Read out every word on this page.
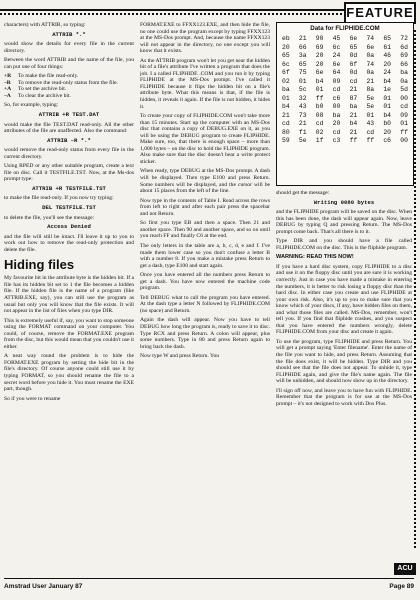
FEATURE

characters) with ATTRIB, so typing:

ATTRIB *.*

would show the details for every file in the current directory.

Between the word ATTRIB and the name of the file, you can put one of four things:

+R	To make the file read-only.
–R	To remove the read-only status from the file.
+A	To set the archive bit.
–A	To clear the archive bit.

So, for example, typing:

ATTRIB +R TEST.DAT

would make the file TEST.DAT read-only. All the other attributes of the file are unaffected. Also the command:

ATTRIB –R *.*

would remove the read-only status from every file in the current directory.

Using RPED or any other suitable program, create a text file on disc. Call it TESTFILE.TST. Now, at the Ms-dos prompt type:

ATTRIB +R TESTFILE.TST

to make the file read-only. If you now try typing:

DEL TESTFILE.TST

to delete the file, you'll see the message:

Access Denied

and the file will still be intact. I'll leave it up to you to work out how to remove the read-only protection and delete the file.

Hiding files

My favourite bit in the attribute byte is the hidden bit. If a file has its hidden bit set to 1 the file becomes a hidden file. If the hidden file is the name of a program (like ATTRIB.EXE, say), you can still use the program as usual but only you will know that the file exists. It will not appear in the list of files when you type DIR.

This is extremely useful if, say, you want to stop someone using the FORMAT command on your computer. You could, of course, remove the FORMAT.EXE program from the disc, but this would mean that you couldn't use it either.

A neat way round the problem is to hide the FORMAT.EXE program by setting the hide bit in the file's directory. Of course anyone could still use it by typing FORMAT, so you should rename the file to a secret word before you hide it. You must rename the EXE part, though.

So if you were to rename

FORMAT.EXE to FFXX123.EXE, and then hide the file, no one could use the program except by typing FFXX123 at the MS-Dos prompt. And, because the name FFXX123 will not appear in the directory, no one except you will know that it exists.

As the ATTRIB program won't let you get near the hidden bit of a file's attribute I've written a program that does the job. I a called FLIPHIDE .COM and you run it by typing FLIPHIDE at the MS-Dos prompt. I've called it FLIPHIDE because it flips the hidden bit on a file's attribute byte. What this means is that, if the file is hidden, it reveals it again. If the file is not hidden, it hides it.

To create your copy of FLIPHIDE.COM won't take more than 15 minutes. Start up the computer with an MS-Dos disc that contains a copy of DEBUG.EXE on it, as you will be using the DEBUG program to create FLIPHIDE. Make sure, too, that there is enough space – more than 1,000 bytes – on the disc to hold the FLIPHIDE program. Also make sure that the disc doesn't bear a write protect sticker.

When ready, type DEBUG at the MS-Dos prompt. A dash will be displayed. Then type E100 and press Return. Some numbers will be displayed, and the cursor will be about 15 places from the left of the line.

Now type in the contents of Table I. Read across the rows from left to right and after each pair press the spacebar and not Return.

So first you type EB and then a space. Then 21 and another space. Then 90 and another space, and so on until you reach FF and finally C6 at the end.

The only letters in the table are a, b, c, d, e and f. I've made them lower case so you don't confuse a letter B with a number 8. If you make a mistake press Return to get a dash, type E100 and start again.

Once you have entered all the numbers press Return to get a dash. You have now entered the machine code program.

Tell DEBUG what to call the program you have entered. At the dash type a letter N followed by FLIPHIDE.COM (no space) and Return.

Again the dash will appear. Now you have to tell DEBUG how long the program is, ready to save it to disc. Type RCX and press Return. A colon will appear, plus some numbers. Type in 80 and press Return again to bring back the dash.

Now type W and press Return. You

Data for FLIPHIDE.COM
eb 21 90 45 6e 74 65 72
20 66 69 6c 65 6e 61 6d
65 3a 20 24 0d 0a 46 69
6c 65 20 6e 6f 74 20 66
6f 75 6e 64 0d 0a 24 ba
02 01 b4 09 cd 21 b4 0a
ba 5c 01 cd 21 8a 1e 5d
01 32 ff c6 87 5e 01 00
b4 43 b0 00 ba 5e 01 cd
21 73 08 ba 21 01 b4 09
cd 21 cd 20 b4 43 b0 01
80 f1 02 cd 21 cd 20 ff
59 5e 1f c3 ff ff c6 00

should get the message:

Writing 0080 bytes

and the FLIPHIDE program will be saved on the disc. When this has been done, the dash will appear again. Now, leave DEBUG by typing Q and pressing Return. The MS-Dos prompt come back. That's all there is to it.

Type DIR and you should have a file called FLIPHIDE.COM on the disc. This is the fliphide program.

WARNING: READ THIS NOW!

If you have a hard disc system, copy FLIPHIDE to a disc and use it on the floppy disc until you are sure it is working correctly. Just in case you have made a mistake in entering the numbers, it is better to risk losing a floppy disc than the hard disc. In either case you create and use FLIPHIDE at your own risk. Also, it's up to you to make sure that you know which of your discs, if any, have hidden files on them, and what those files are called. MS-Dos, remember, won't tell you. If you find that fliphide crashes, and you suspect that you have entered the numbers wrongly, delete FLIPHIDE.COM from your disc and create it again.

To use the program, type FLIPHIDE and press Return. You will get a prompt saying 'Enter filename'. Enter the name of the file you want to hide, and press Return. Assuming that the file does exist, it will be hidden. Type DIR and you should see that the file does not appear. To unhide it, type FLIPHIDE again, and give the file's name again. The file will be unhidden, and should now show up in the directory.

I'll sign off now, and leave you to have fun with FLIPHIDE. Remember that the program is for use at the MS-Dos prompt – it's not designed to work with Dos Plus.

ACU
Amstrad User January 87	Page 89
